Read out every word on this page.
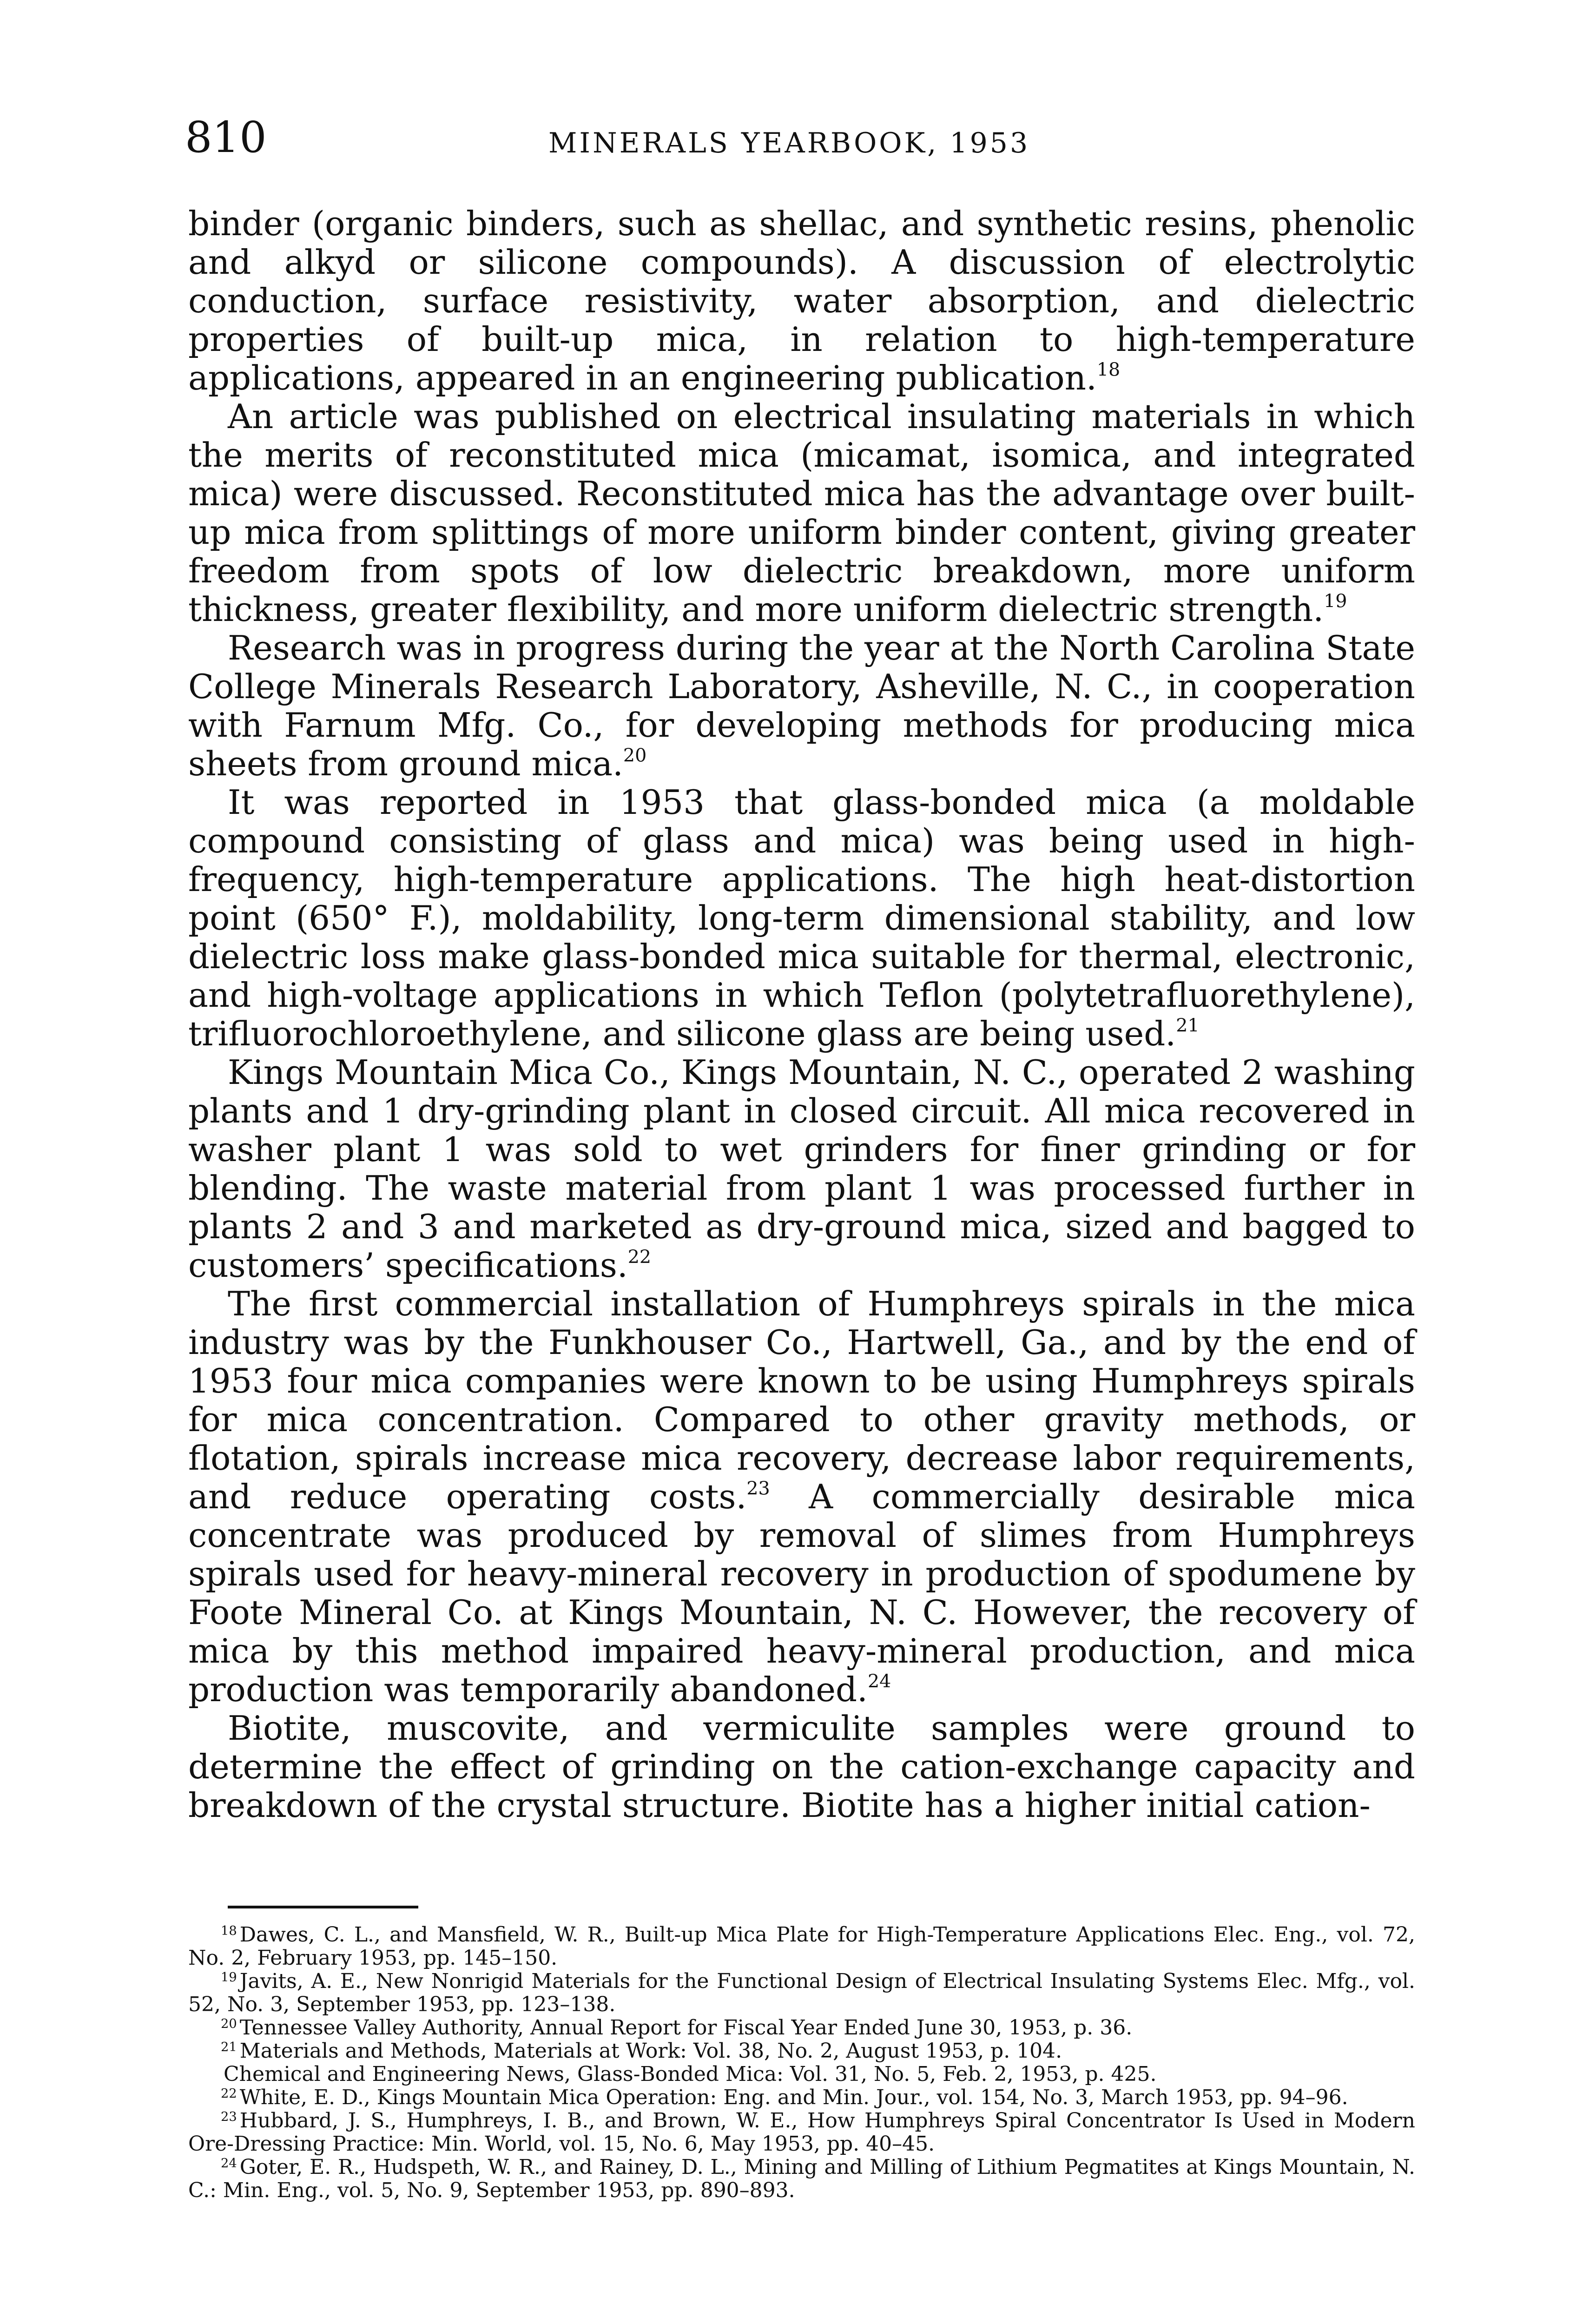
810	MINERALS YEARBOOK, 1953

binder (organic binders, such as shellac, and synthetic resins, phenolic and alkyd or silicone compounds). A discussion of electrolytic conduction, surface resistivity, water absorption, and dielectric properties of built-up mica, in relation to high-temperature applications, appeared in an engineering publication.$^{18}$

An article was published on electrical insulating materials in which the merits of reconstituted mica (micamat, isomica, and integrated mica) were discussed. Reconstituted mica has the advantage over built-up mica from splittings of more uniform binder content, giving greater freedom from spots of low dielectric breakdown, more uniform thickness, greater flexibility, and more uniform dielectric strength.$^{19}$

Research was in progress during the year at the North Carolina State College Minerals Research Laboratory, Asheville, N. C., in cooperation with Farnum Mfg. Co., for developing methods for producing mica sheets from ground mica.$^{20}$

It was reported in 1953 that glass-bonded mica (a moldable compound consisting of glass and mica) was being used in high-frequency, high-temperature applications. The high heat-distortion point (650° F.), moldability, long-term dimensional stability, and low dielectric loss make glass-bonded mica suitable for thermal, electronic, and high-voltage applications in which Teflon (polytetrafluorethylene), trifluorochloroethylene, and silicone glass are being used.$^{21}$

Kings Mountain Mica Co., Kings Mountain, N. C., operated 2 washing plants and 1 dry-grinding plant in closed circuit. All mica recovered in washer plant 1 was sold to wet grinders for finer grinding or for blending. The waste material from plant 1 was processed further in plants 2 and 3 and marketed as dry-ground mica, sized and bagged to customers’ specifications.$^{22}$

The first commercial installation of Humphreys spirals in the mica industry was by the Funkhouser Co., Hartwell, Ga., and by the end of 1953 four mica companies were known to be using Humphreys spirals for mica concentration. Compared to other gravity methods, or flotation, spirals increase mica recovery, decrease labor requirements, and reduce operating costs.$^{23}$ A commercially desirable mica concentrate was produced by removal of slimes from Humphreys spirals used for heavy-mineral recovery in production of spodumene by Foote Mineral Co. at Kings Mountain, N. C. However, the recovery of mica by this method impaired heavy-mineral production, and mica production was temporarily abandoned.$^{24}$

Biotite, muscovite, and vermiculite samples were ground to determine the effect of grinding on the cation-exchange capacity and breakdown of the crystal structure. Biotite has a higher initial cation-

$^{18}$ Dawes, C. L., and Mansfield, W. R., Built-up Mica Plate for High-Temperature Applications Elec. Eng., vol. 72, No. 2, February 1953, pp. 145–150.

$^{19}$ Javits, A. E., New Nonrigid Materials for the Functional Design of Electrical Insulating Systems Elec. Mfg., vol. 52, No. 3, September 1953, pp. 123–138.

$^{20}$ Tennessee Valley Authority, Annual Report for Fiscal Year Ended June 30, 1953, p. 36.

$^{21}$ Materials and Methods, Materials at Work: Vol. 38, No. 2, August 1953, p. 104.

Chemical and Engineering News, Glass-Bonded Mica: Vol. 31, No. 5, Feb. 2, 1953, p. 425.

$^{22}$ White, E. D., Kings Mountain Mica Operation: Eng. and Min. Jour., vol. 154, No. 3, March 1953, pp. 94–96.

$^{23}$ Hubbard, J. S., Humphreys, I. B., and Brown, W. E., How Humphreys Spiral Concentrator Is Used in Modern Ore-Dressing Practice: Min. World, vol. 15, No. 6, May 1953, pp. 40–45.

$^{24}$ Goter, E. R., Hudspeth, W. R., and Rainey, D. L., Mining and Milling of Lithium Pegmatites at Kings Mountain, N. C.: Min. Eng., vol. 5, No. 9, September 1953, pp. 890–893.
